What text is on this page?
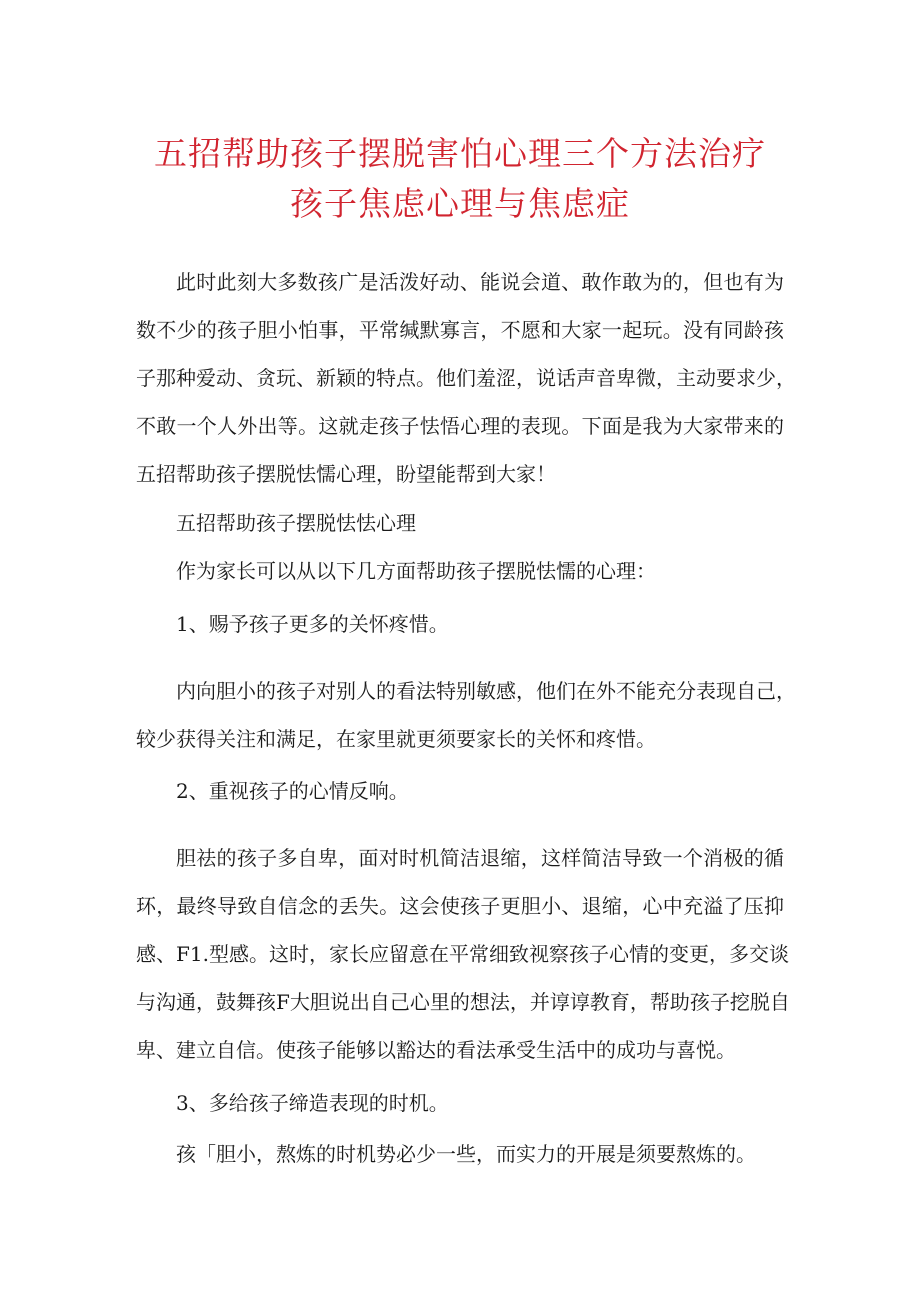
五招帮助孩子摆脱害怕心理三个方法治疗
孩子焦虑心理与焦虑症
此时此刻大多数孩广是活泼好动、能说会道、敢作敢为的，但也有为
数不少的孩子胆小怕事，平常缄默寡言，不愿和大家一起玩。没有同龄孩
子那种爱动、贪玩、新颖的特点。他们羞涩，说话声音卑微，主动要求少，
不敢一个人外出等。这就走孩子怯悟心理的表现。下面是我为大家带来的
五招帮助孩子摆脱怯懦心理，盼望能帮到大家！
五招帮助孩子摆脱怯怯心理
作为家长可以从以下几方面帮助孩子摆脱怯懦的心理：
1、赐予孩子更多的关怀疼惜。
内向胆小的孩子对别人的看法特别敏感，他们在外不能充分表现自己，
较少获得关注和满足，在家里就更须要家长的关怀和疼惜。
2、重视孩子的心情反响。
胆祛的孩子多自卑，面对时机简洁退缩，这样简洁导致一个消极的循
环，最终导致自信念的丢失。这会使孩子更胆小、退缩，心中充溢了压抑
感、F1.型感。这时，家长应留意在平常细致视察孩子心情的变更，多交谈
与沟通，鼓舞孩F大胆说出自己心里的想法，并谆谆教育，帮助孩子挖脱自
卑、建立自信。使孩子能够以豁达的看法承受生活中的成功与喜悦。
3、多给孩子缔造表现的时机。
孩「胆小，熬炼的时机势必少一些，而实力的开展是须要熬炼的。
